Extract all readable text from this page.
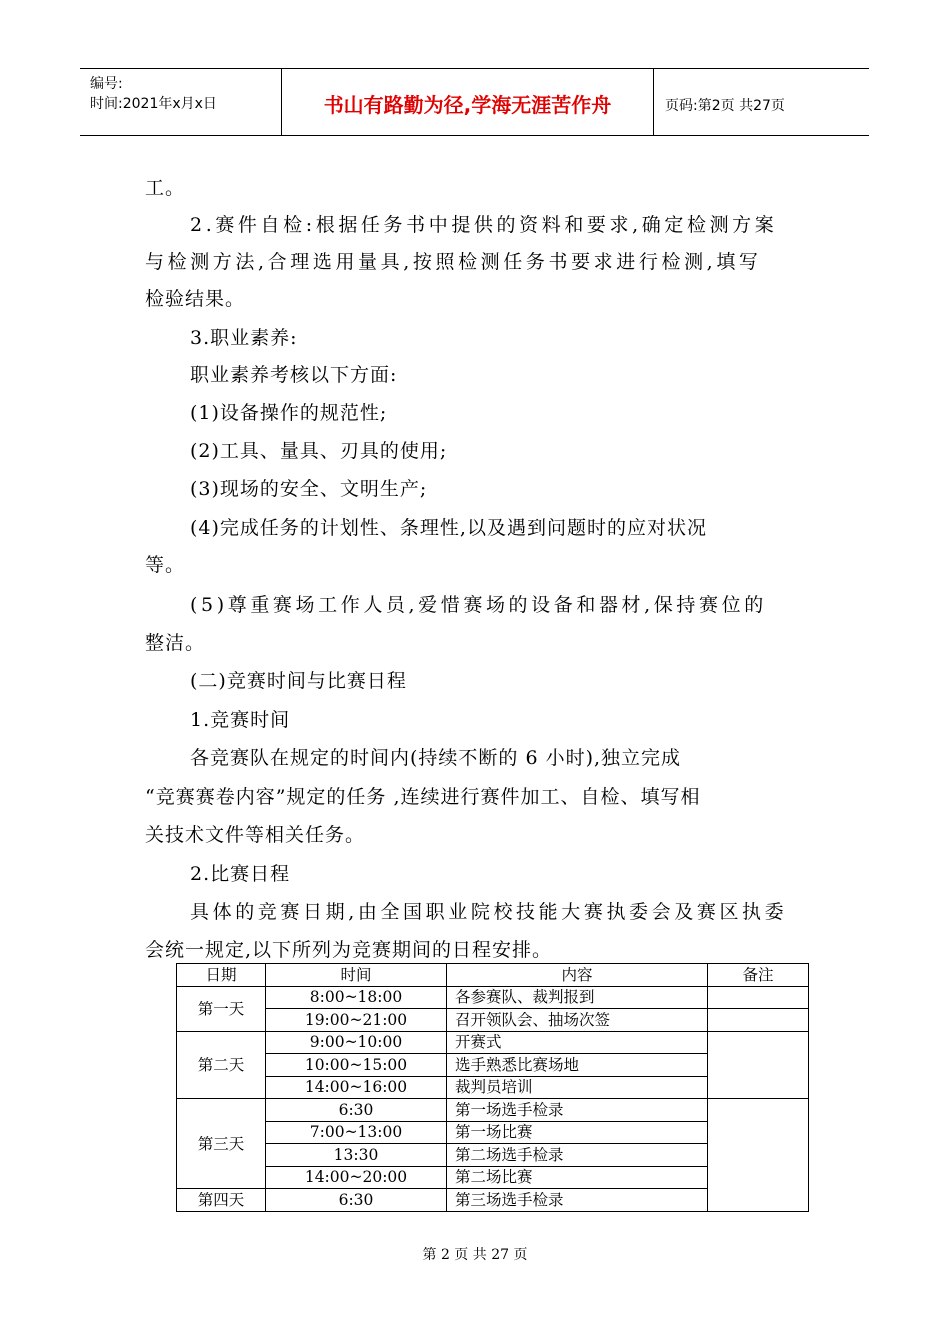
编号:
时间:2021年x月x日	书山有路勤为径,学海无涯苦作舟	页码:第2页 共27页
工。
2.赛件自检:根据任务书中提供的资料和要求,确定检测方案
与检测方法,合理选用量具,按照检测任务书要求进行检测,填写
检验结果。
3.职业素养:
职业素养考核以下方面:
(1)设备操作的规范性;
(2)工具、量具、刃具的使用;
(3)现场的安全、文明生产;
(4)完成任务的计划性、条理性,以及遇到问题时的应对状况
等。
(5)尊重赛场工作人员,爱惜赛场的设备和器材,保持赛位的
整洁。
(二)竞赛时间与比赛日程
1.竞赛时间
各竞赛队在规定的时间内(持续不断的 6 小时),独立完成
“竞赛赛卷内容”规定的任务 ,连续进行赛件加工、自检、填写相
关技术文件等相关任务。
2.比赛日程
具体的竞赛日期,由全国职业院校技能大赛执委会及赛区执委
会统一规定,以下所列为竞赛期间的日程安排。
日期	时间	内容	备注
第一天	8:00~18:00	各参赛队、裁判报到	
	19:00~21:00	召开领队会、抽场次签	
第二天	9:00~10:00	开赛式	
	10:00~15:00	选手熟悉比赛场地	
	14:00~16:00	裁判员培训	
第三天	6:30	第一场选手检录	
	7:00~13:00	第一场比赛	
	13:30	第二场选手检录	
	14:00~20:00	第二场比赛	
第四天	6:30	第三场选手检录	
第 2 页 共 27 页
